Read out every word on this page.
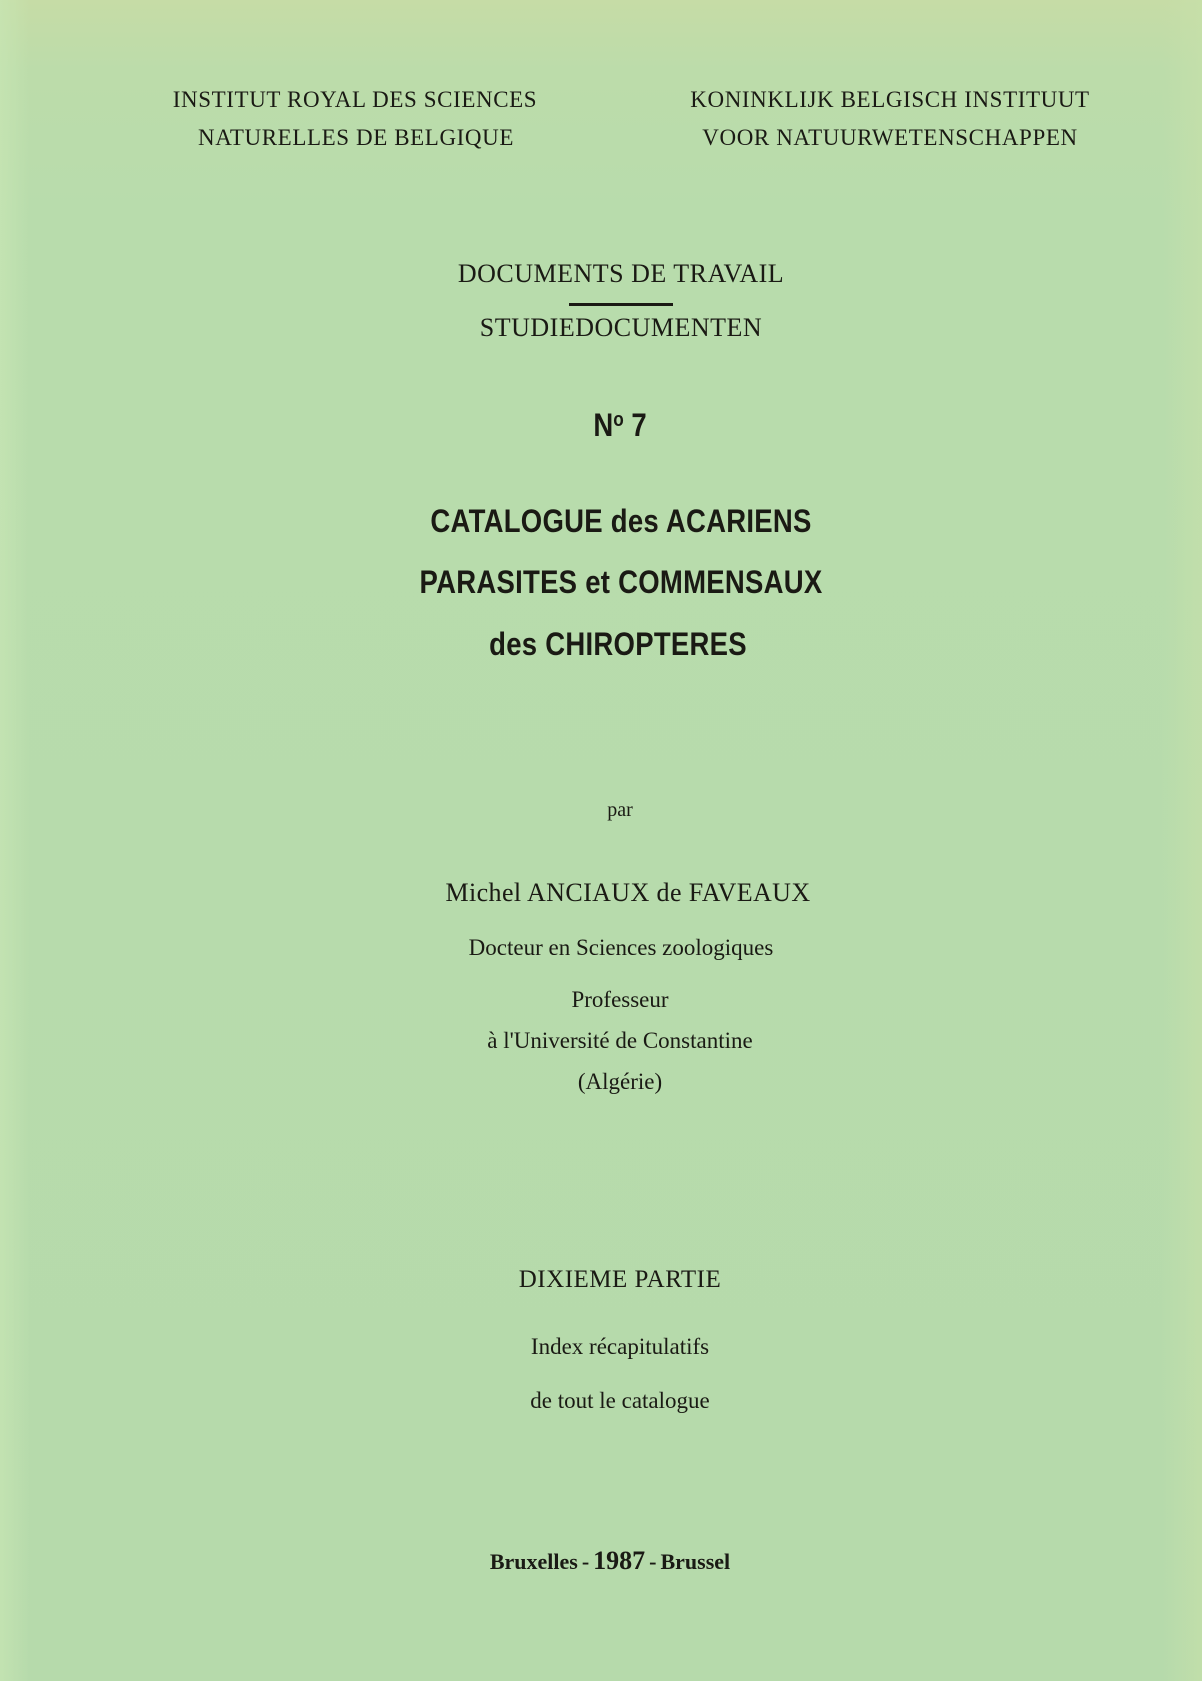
INSTITUT ROYAL DES SCIENCES
NATURELLES DE BELGIQUE
KONINKLIJK BELGISCH INSTITUUT
VOOR NATUURWETENSCHAPPEN
DOCUMENTS DE TRAVAIL
STUDIEDOCUMENTEN
$N^o$ 7
CATALOGUE des ACARIENS
PARASITES et COMMENSAUX
des CHIROPTERES
par
Michel ANCIAUX de FAVEAUX
Docteur en Sciences zoologiques
Professeur
à l'Université de Constantine
(Algérie)
DIXIEME PARTIE
Index récapitulatifs
de tout le catalogue
Bruxelles - 1987 - Brussel
